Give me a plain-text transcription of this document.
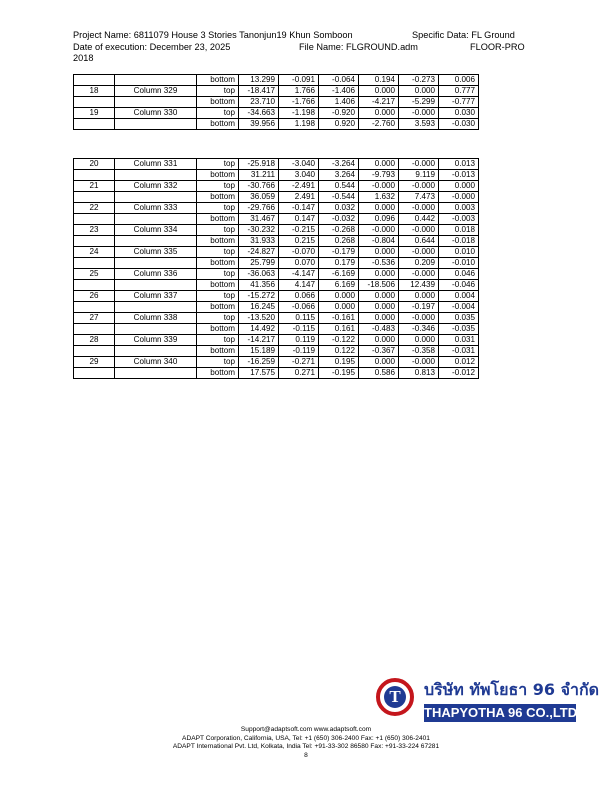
Project Name: 6811079 House 3 Stories Tanonjun19 Khun Somboon	Specific Data: FL Ground
Date of execution: December 23, 2025	File Name: FLGROUND.adm	FLOOR-PRO
2018
		bottom	13.299	-0.091	-0.064	0.194	-0.273	0.006
18	Column 329	top	-18.417	1.766	-1.406	0.000	0.000	0.777
		bottom	23.710	-1.766	1.406	-4.217	-5.299	-0.777
19	Column 330	top	-34.663	-1.198	-0.920	0.000	-0.000	0.030
		bottom	39.956	1.198	0.920	-2.760	3.593	-0.030
20	Column 331	top	-25.918	-3.040	-3.264	0.000	-0.000	0.013
		bottom	31.211	3.040	3.264	-9.793	9.119	-0.013
21	Column 332	top	-30.766	-2.491	0.544	-0.000	-0.000	0.000
		bottom	36.059	2.491	-0.544	1.632	7.473	-0.000
22	Column 333	top	-29.766	-0.147	0.032	0.000	-0.000	0.003
		bottom	31.467	0.147	-0.032	0.096	0.442	-0.003
23	Column 334	top	-30.232	-0.215	-0.268	-0.000	-0.000	0.018
		bottom	31.933	0.215	0.268	-0.804	0.644	-0.018
24	Column 335	top	-24.827	-0.070	-0.179	0.000	-0.000	0.010
		bottom	25.799	0.070	0.179	-0.536	0.209	-0.010
25	Column 336	top	-36.063	-4.147	-6.169	0.000	-0.000	0.046
		bottom	41.356	4.147	6.169	-18.506	12.439	-0.046
26	Column 337	top	-15.272	0.066	0.000	0.000	0.000	0.004
		bottom	16.245	-0.066	0.000	0.000	-0.197	-0.004
27	Column 338	top	-13.520	0.115	-0.161	0.000	-0.000	0.035
		bottom	14.492	-0.115	0.161	-0.483	-0.346	-0.035
28	Column 339	top	-14.217	0.119	-0.122	0.000	0.000	0.031
		bottom	15.189	-0.119	0.122	-0.367	-0.358	-0.031
29	Column 340	top	-16.259	-0.271	0.195	0.000	-0.000	0.012
		bottom	17.575	0.271	-0.195	0.586	0.813	-0.012
T	บริษัท ทัพโยธา 96 จำกัด
THAPYOTHA 96 CO.,LTD.
Support@adaptsoft.com www.adaptsoft.com
ADAPT Corporation, California, USA, Tel: +1 (650) 306-2400 Fax: +1 (650) 306-2401
ADAPT International Pvt. Ltd, Kolkata, India Tel: +91-33-302 86580 Fax: +91-33-224 67281
8
